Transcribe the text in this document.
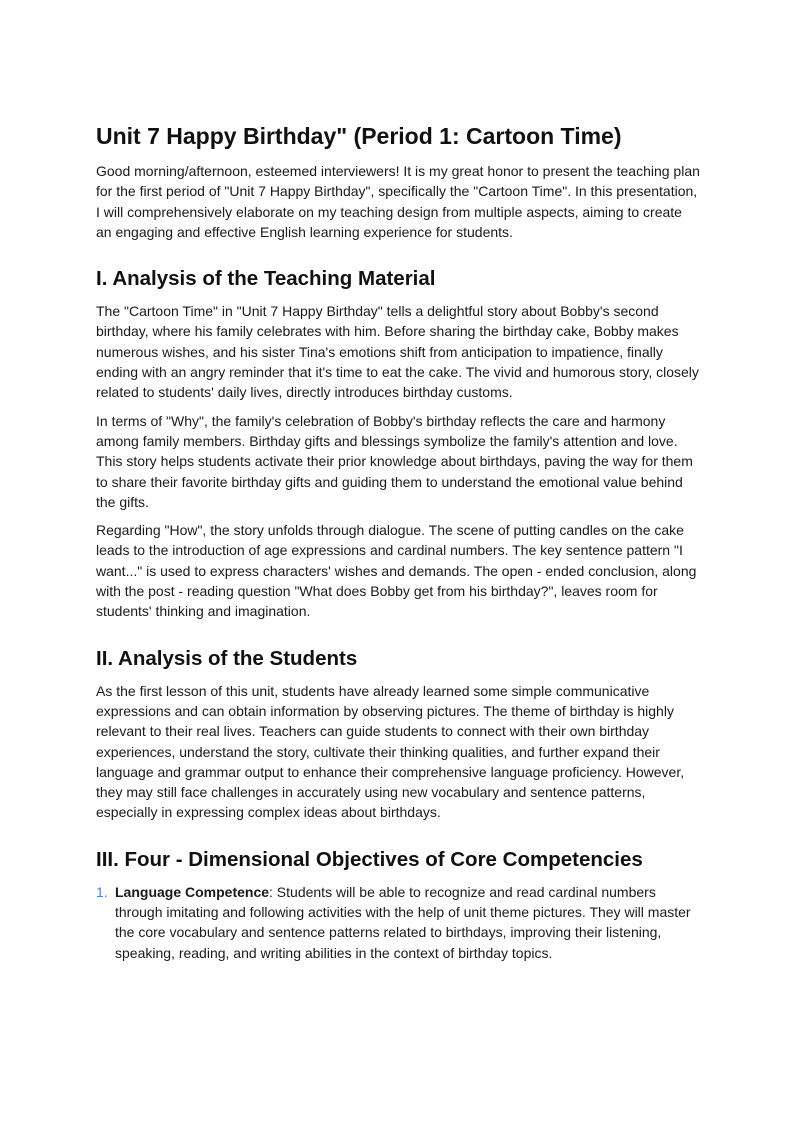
Unit 7 Happy Birthday" (Period 1: Cartoon Time)

Good morning/afternoon, esteemed interviewers! It is my great honor to present the teaching plan for the first period of "Unit 7 Happy Birthday", specifically the "Cartoon Time". In this presentation, I will comprehensively elaborate on my teaching design from multiple aspects, aiming to create an engaging and effective English learning experience for students.

I. Analysis of the Teaching Material

The "Cartoon Time" in "Unit 7 Happy Birthday" tells a delightful story about Bobby's second birthday, where his family celebrates with him. Before sharing the birthday cake, Bobby makes numerous wishes, and his sister Tina's emotions shift from anticipation to impatience, finally ending with an angry reminder that it's time to eat the cake. The vivid and humorous story, closely related to students' daily lives, directly introduces birthday customs.

In terms of "Why", the family's celebration of Bobby's birthday reflects the care and harmony among family members. Birthday gifts and blessings symbolize the family's attention and love. This story helps students activate their prior knowledge about birthdays, paving the way for them to share their favorite birthday gifts and guiding them to understand the emotional value behind the gifts.

Regarding "How", the story unfolds through dialogue. The scene of putting candles on the cake leads to the introduction of age expressions and cardinal numbers. The key sentence pattern "I want..." is used to express characters' wishes and demands. The open - ended conclusion, along with the post - reading question "What does Bobby get from his birthday?", leaves room for students' thinking and imagination.

II. Analysis of the Students

As the first lesson of this unit, students have already learned some simple communicative expressions and can obtain information by observing pictures. The theme of birthday is highly relevant to their real lives. Teachers can guide students to connect with their own birthday experiences, understand the story, cultivate their thinking qualities, and further expand their language and grammar output to enhance their comprehensive language proficiency. However, they may still face challenges in accurately using new vocabulary and sentence patterns, especially in expressing complex ideas about birthdays.

III. Four - Dimensional Objectives of Core Competencies
1. Language Competence: Students will be able to recognize and read cardinal numbers through imitating and following activities with the help of unit theme pictures. They will master the core vocabulary and sentence patterns related to birthdays, improving their listening, speaking, reading, and writing abilities in the context of birthday topics.
